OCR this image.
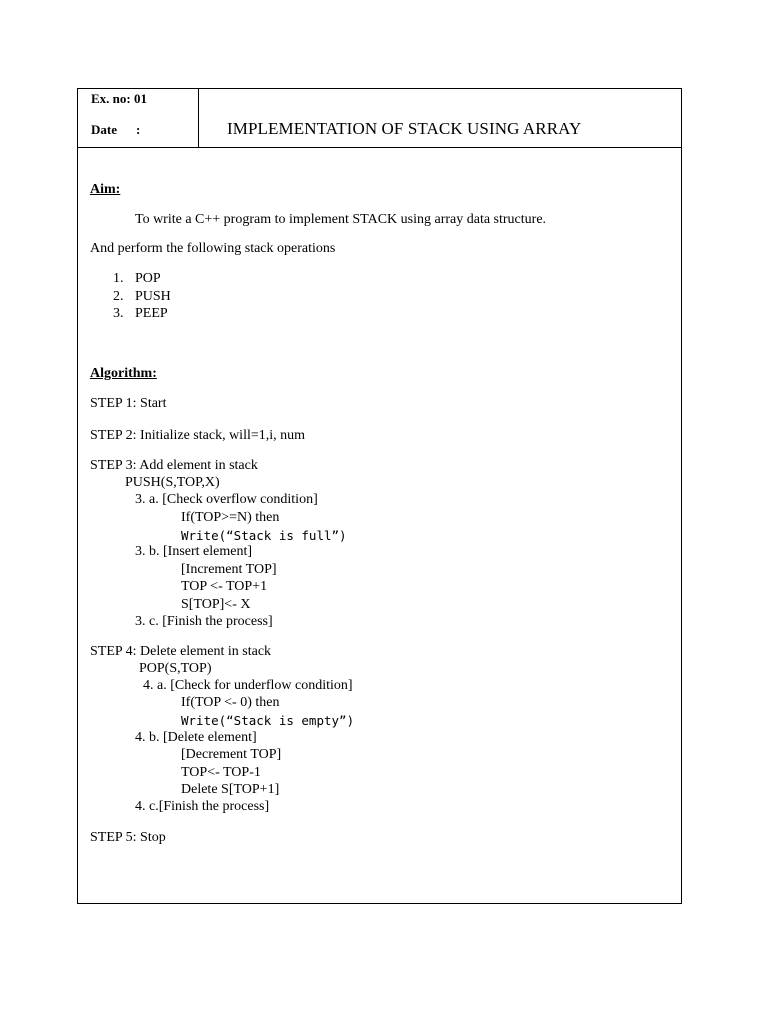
Ex. no: 01
Date :	IMPLEMENTATION OF STACK USING ARRAY
Aim:
To write a C++ program to implement STACK using array data structure.
And perform the following stack operations
1. POP
2. PUSH
3. PEEP
Algorithm:
STEP 1: Start
STEP 2: Initialize stack, will=1,i, num
STEP 3: Add element in stack
PUSH(S,TOP,X)
3. a. [Check overflow condition]
If(TOP>=N) then
Write(“Stack is full”)
3. b. [Insert element]
[Increment TOP]
TOP <- TOP+1
S[TOP]<- X
3. c. [Finish the process]
STEP 4: Delete element in stack
POP(S,TOP)
4. a. [Check for underflow condition]
If(TOP <- 0) then
Write(“Stack is empty”)
4. b. [Delete element]
[Decrement TOP]
TOP<- TOP-1
Delete S[TOP+1]
4. c.[Finish the process]
STEP 5: Stop
